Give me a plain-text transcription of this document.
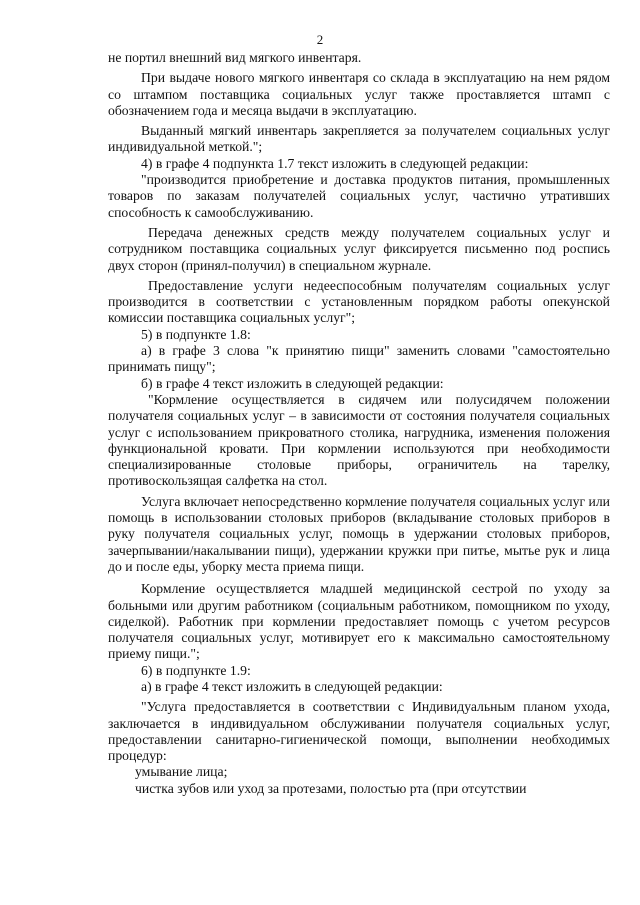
2

не портил внешний вид мягкого инвентаря.

При выдаче нового мягкого инвентаря со склада в эксплуатацию на нем рядом со штампом поставщика социальных услуг также проставляется штамп с обозначением года и месяца выдачи в эксплуатацию.

Выданный мягкий инвентарь закрепляется за получателем социальных услуг индивидуальной меткой.";

4) в графе 4 подпункта 1.7 текст изложить в следующей редакции:

"производится приобретение и доставка продуктов питания, промышленных товаров по заказам получателей социальных услуг, частично утративших способность к самообслуживанию.

Передача денежных средств между получателем социальных услуг и сотрудником поставщика социальных услуг фиксируется письменно под роспись двух сторон (принял-получил) в специальном журнале.

Предоставление услуги недееспособным получателям социальных услуг производится в соответствии с установленным порядком работы опекунской комиссии поставщика социальных услуг";

5) в подпункте 1.8:

а) в графе 3 слова "к принятию пищи" заменить словами "самостоятельно принимать пищу";

б) в графе 4 текст изложить в следующей редакции:

"Кормление осуществляется в сидячем или полусидячем положении получателя социальных услуг – в зависимости от состояния получателя социальных услуг с использованием прикроватного столика, нагрудника, изменения положения функциональной кровати. При кормлении используются при необходимости специализированные столовые приборы, ограничитель на тарелку, противоскользящая салфетка на стол.

Услуга включает непосредственно кормление получателя социальных услуг или помощь в использовании столовых приборов (вкладывание столовых приборов в руку получателя социальных услуг, помощь в удержании столовых приборов, зачерпывании/накалывании пищи), удержании кружки при питье, мытье рук и лица до и после еды, уборку места приема пищи.

Кормление осуществляется младшей медицинской сестрой по уходу за больными или другим работником (социальным работником, помощником по уходу, сиделкой). Работник при кормлении предоставляет помощь с учетом ресурсов получателя социальных услуг, мотивирует его к максимально самостоятельному приему пищи.";

6) в подпункте 1.9:

а) в графе 4 текст изложить в следующей редакции:

"Услуга предоставляется в соответствии с Индивидуальным планом ухода, заключается в индивидуальном обслуживании получателя социальных услуг, предоставлении санитарно-гигиенической помощи, выполнении необходимых процедур:

умывание лица;

чистка зубов или уход за протезами, полостью рта (при отсутствии
